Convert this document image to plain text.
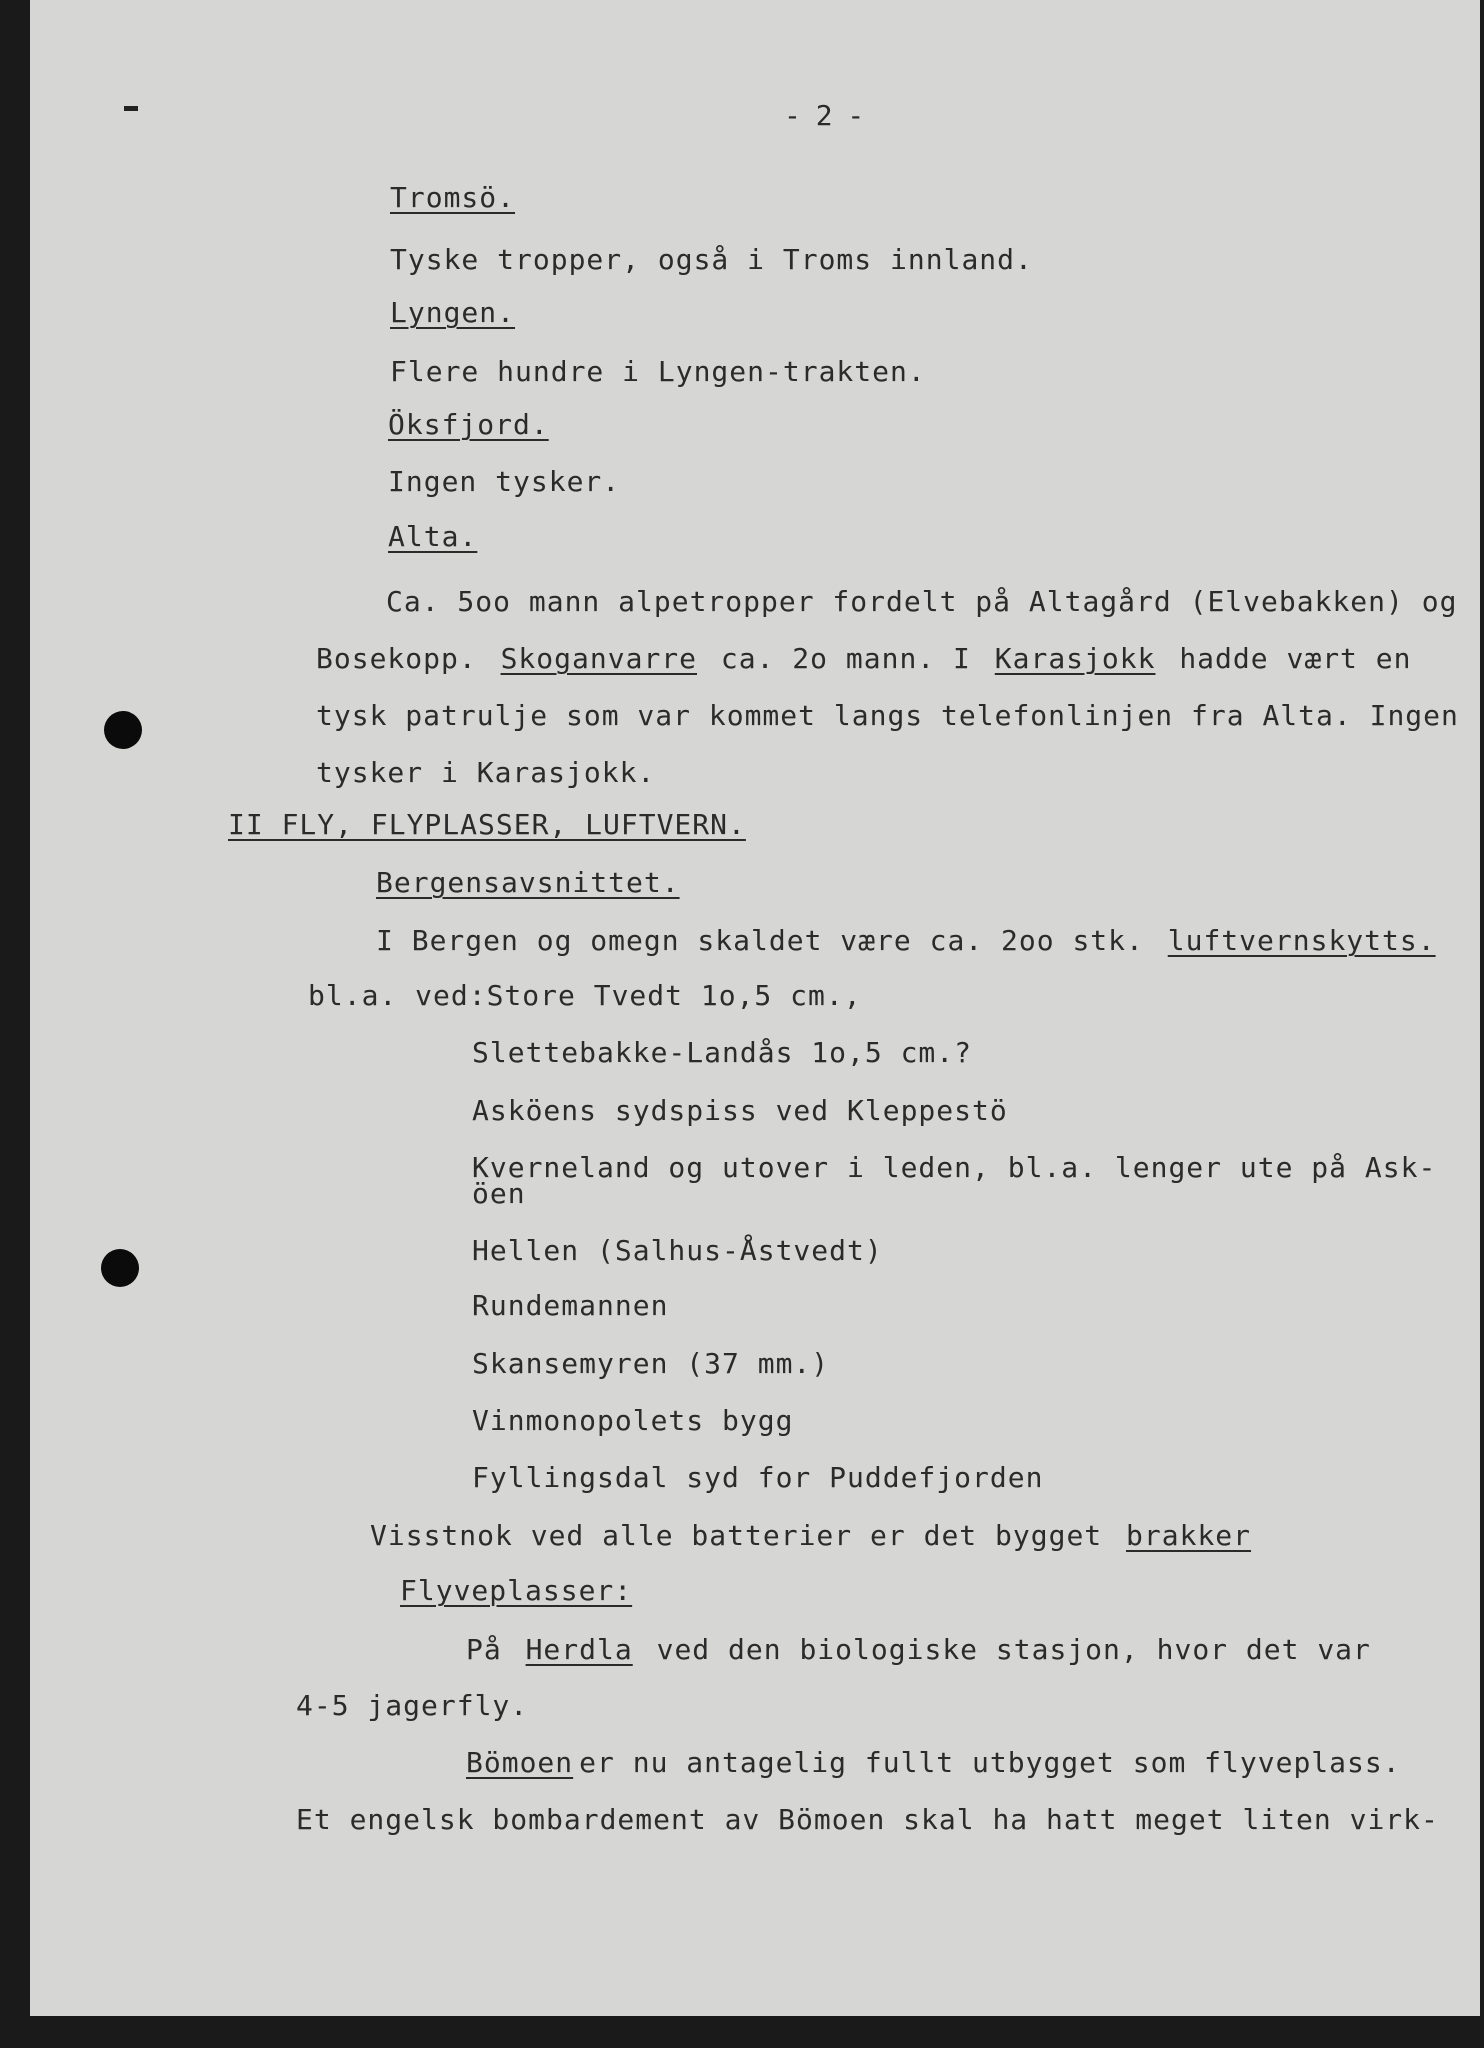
- 2 -
Tromsö.
Tyske tropper, også i Troms innland.
Lyngen.
Flere hundre i Lyngen-trakten.
Öksfjord.
Ingen tysker.
Alta.
Ca. 5oo mann alpetropper fordelt på Altagård (Elvebakken) og
Bosekopp. Skoganvarre ca. 2o mann. I Karasjokk hadde vært en
tysk patrulje som var kommet langs telefonlinjen fra Alta. Ingen
tysker i Karasjokk.
II FLY, FLYPLASSER, LUFTVERN.
Bergensavsnittet.
I Bergen og omegn skaldet være ca. 2oo stk. luftvernskytts.
bl.a. ved:Store Tvedt 1o,5 cm.,
Slettebakke-Landås 1o,5 cm.?
Asköens sydspiss ved Kleppestö
Kverneland og utover i leden, bl.a. lenger ute på Ask-
öen
Hellen (Salhus-Åstvedt)
Rundemannen
Skansemyren (37 mm.)
Vinmonopolets bygg
Fyllingsdal syd for Puddefjorden
Visstnok ved alle batterier er det bygget brakker
Flyveplasser:
På Herdla ved den biologiske stasjon, hvor det var
4-5 jagerfly.
Bömoen er nu antagelig fullt utbygget som flyveplass.
Et engelsk bombardement av Bömoen skal ha hatt meget liten virk-
